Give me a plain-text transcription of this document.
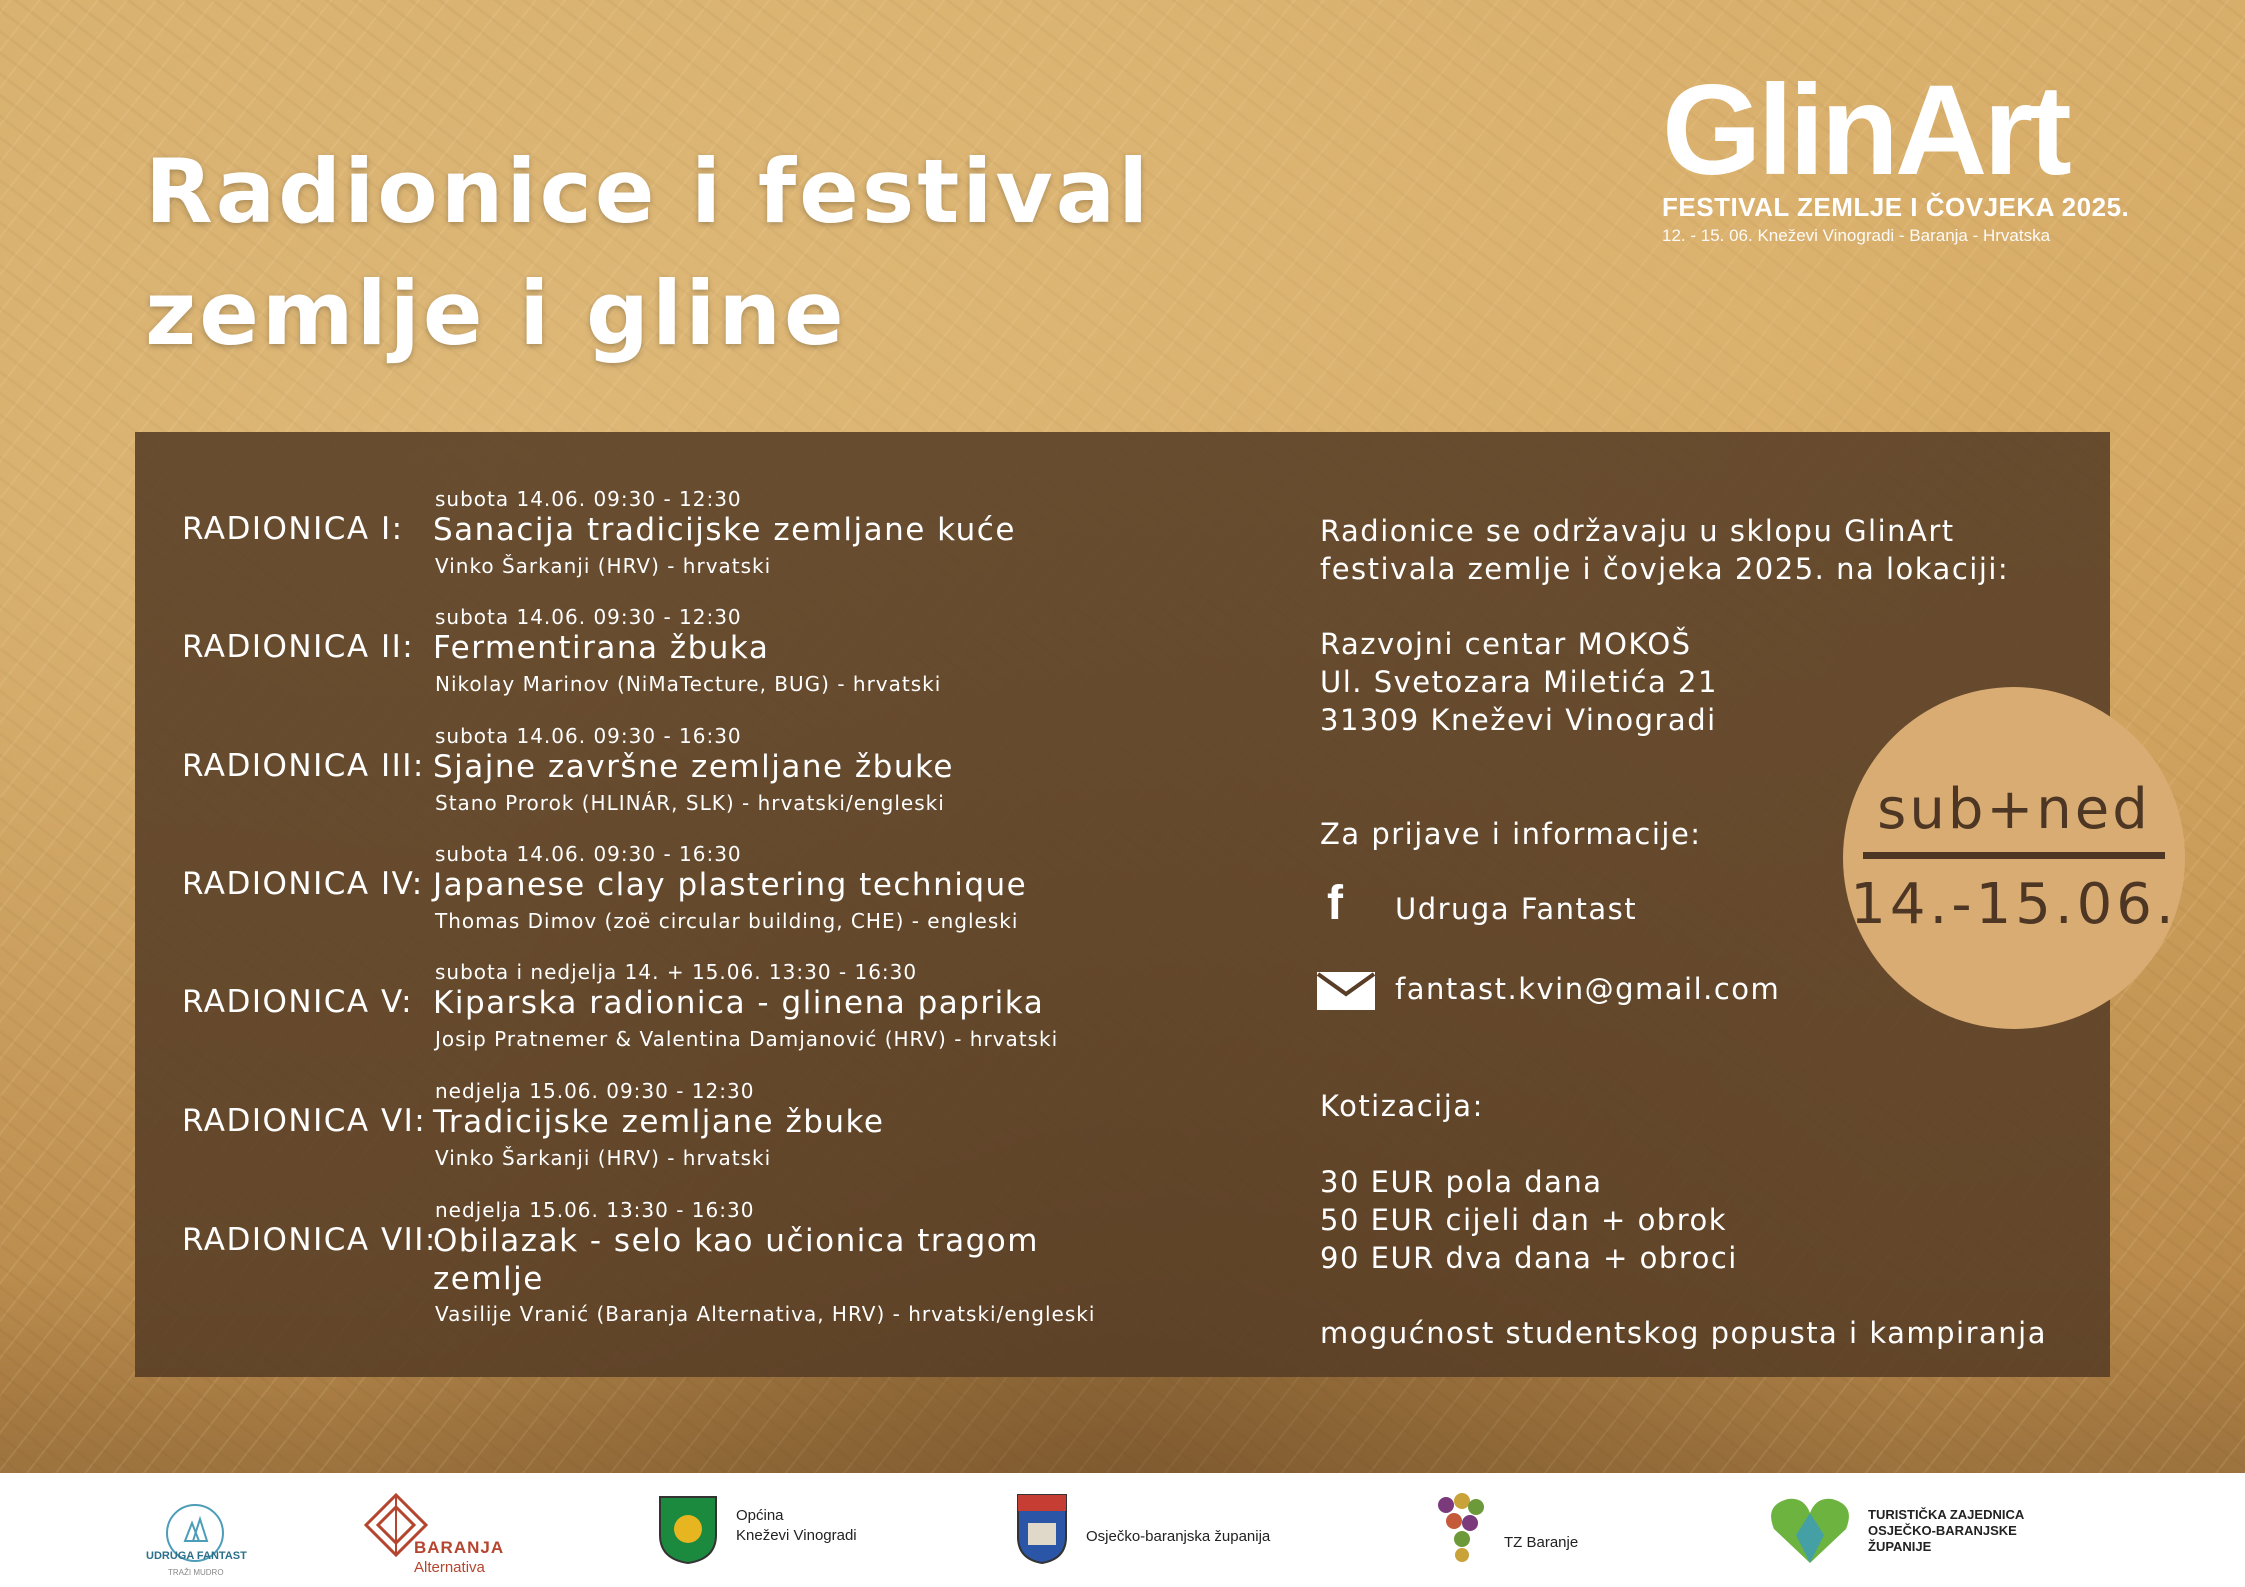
Radionice i festival
zemlje i gline
GlinArt
FESTIVAL ZEMLJE I ČOVJEKA 2025.
12. - 15. 06. Kneževi Vinogradi - Baranja - Hrvatska
subota 14.06. 09:30 - 12:30
RADIONICA I: Sanacija tradicijske zemljane kuće
Vinko Šarkanji (HRV) - hrvatski
subota 14.06. 09:30 - 12:30
RADIONICA II: Fermentirana žbuka
Nikolay Marinov (NiMaTecture, BUG) - hrvatski
subota 14.06. 09:30 - 16:30
RADIONICA III: Sjajne završne zemljane žbuke
Stano Prorok (HLINÁR, SLK) - hrvatski/engleski
subota 14.06. 09:30 - 16:30
RADIONICA IV: Japanese clay plastering technique
Thomas Dimov (zoë circular building, CHE) - engleski
subota i nedjelja 14. + 15.06. 13:30 - 16:30
RADIONICA V: Kiparska radionica - glinena paprika
Josip Pratnemer & Valentina Damjanović (HRV) - hrvatski
nedjelja 15.06. 09:30 - 12:30
RADIONICA VI: Tradicijske zemljane žbuke
Vinko Šarkanji (HRV) - hrvatski
nedjelja 15.06. 13:30 - 16:30
RADIONICA VII:
Obilazak - selo kao učionica tragom zemlje
Vasilije Vranić (Baranja Alternativa, HRV) - hrvatski/engleski

Radionice se održavaju u sklopu GlinArt

festivala zemlje i čovjeka 2025. na lokaciji:

Razvojni centar MOKOŠ

Ul. Svetozara Miletića 21

31309 Kneževi Vinogradi

Za prijave i informacije:

f Udruga Fantast

fantast.kvin@gmail.com

Kotizacija:

30 EUR pola dana

50 EUR cijeli dan + obrok

90 EUR dva dana + obroci

mogućnost studentskog popusta i kampiranja

sub+ned
14.-15.06.
UDRUGA FANTAST
TRAŽI MUDRO
BARANJA
Alternativa
Općina
Kneževi Vinogradi	Osječko-baranjska županija	TZ Baranje
TURISTIČKA ZAJEDNICA
OSJEČKO-BARANJSKE
ŽUPANIJE
